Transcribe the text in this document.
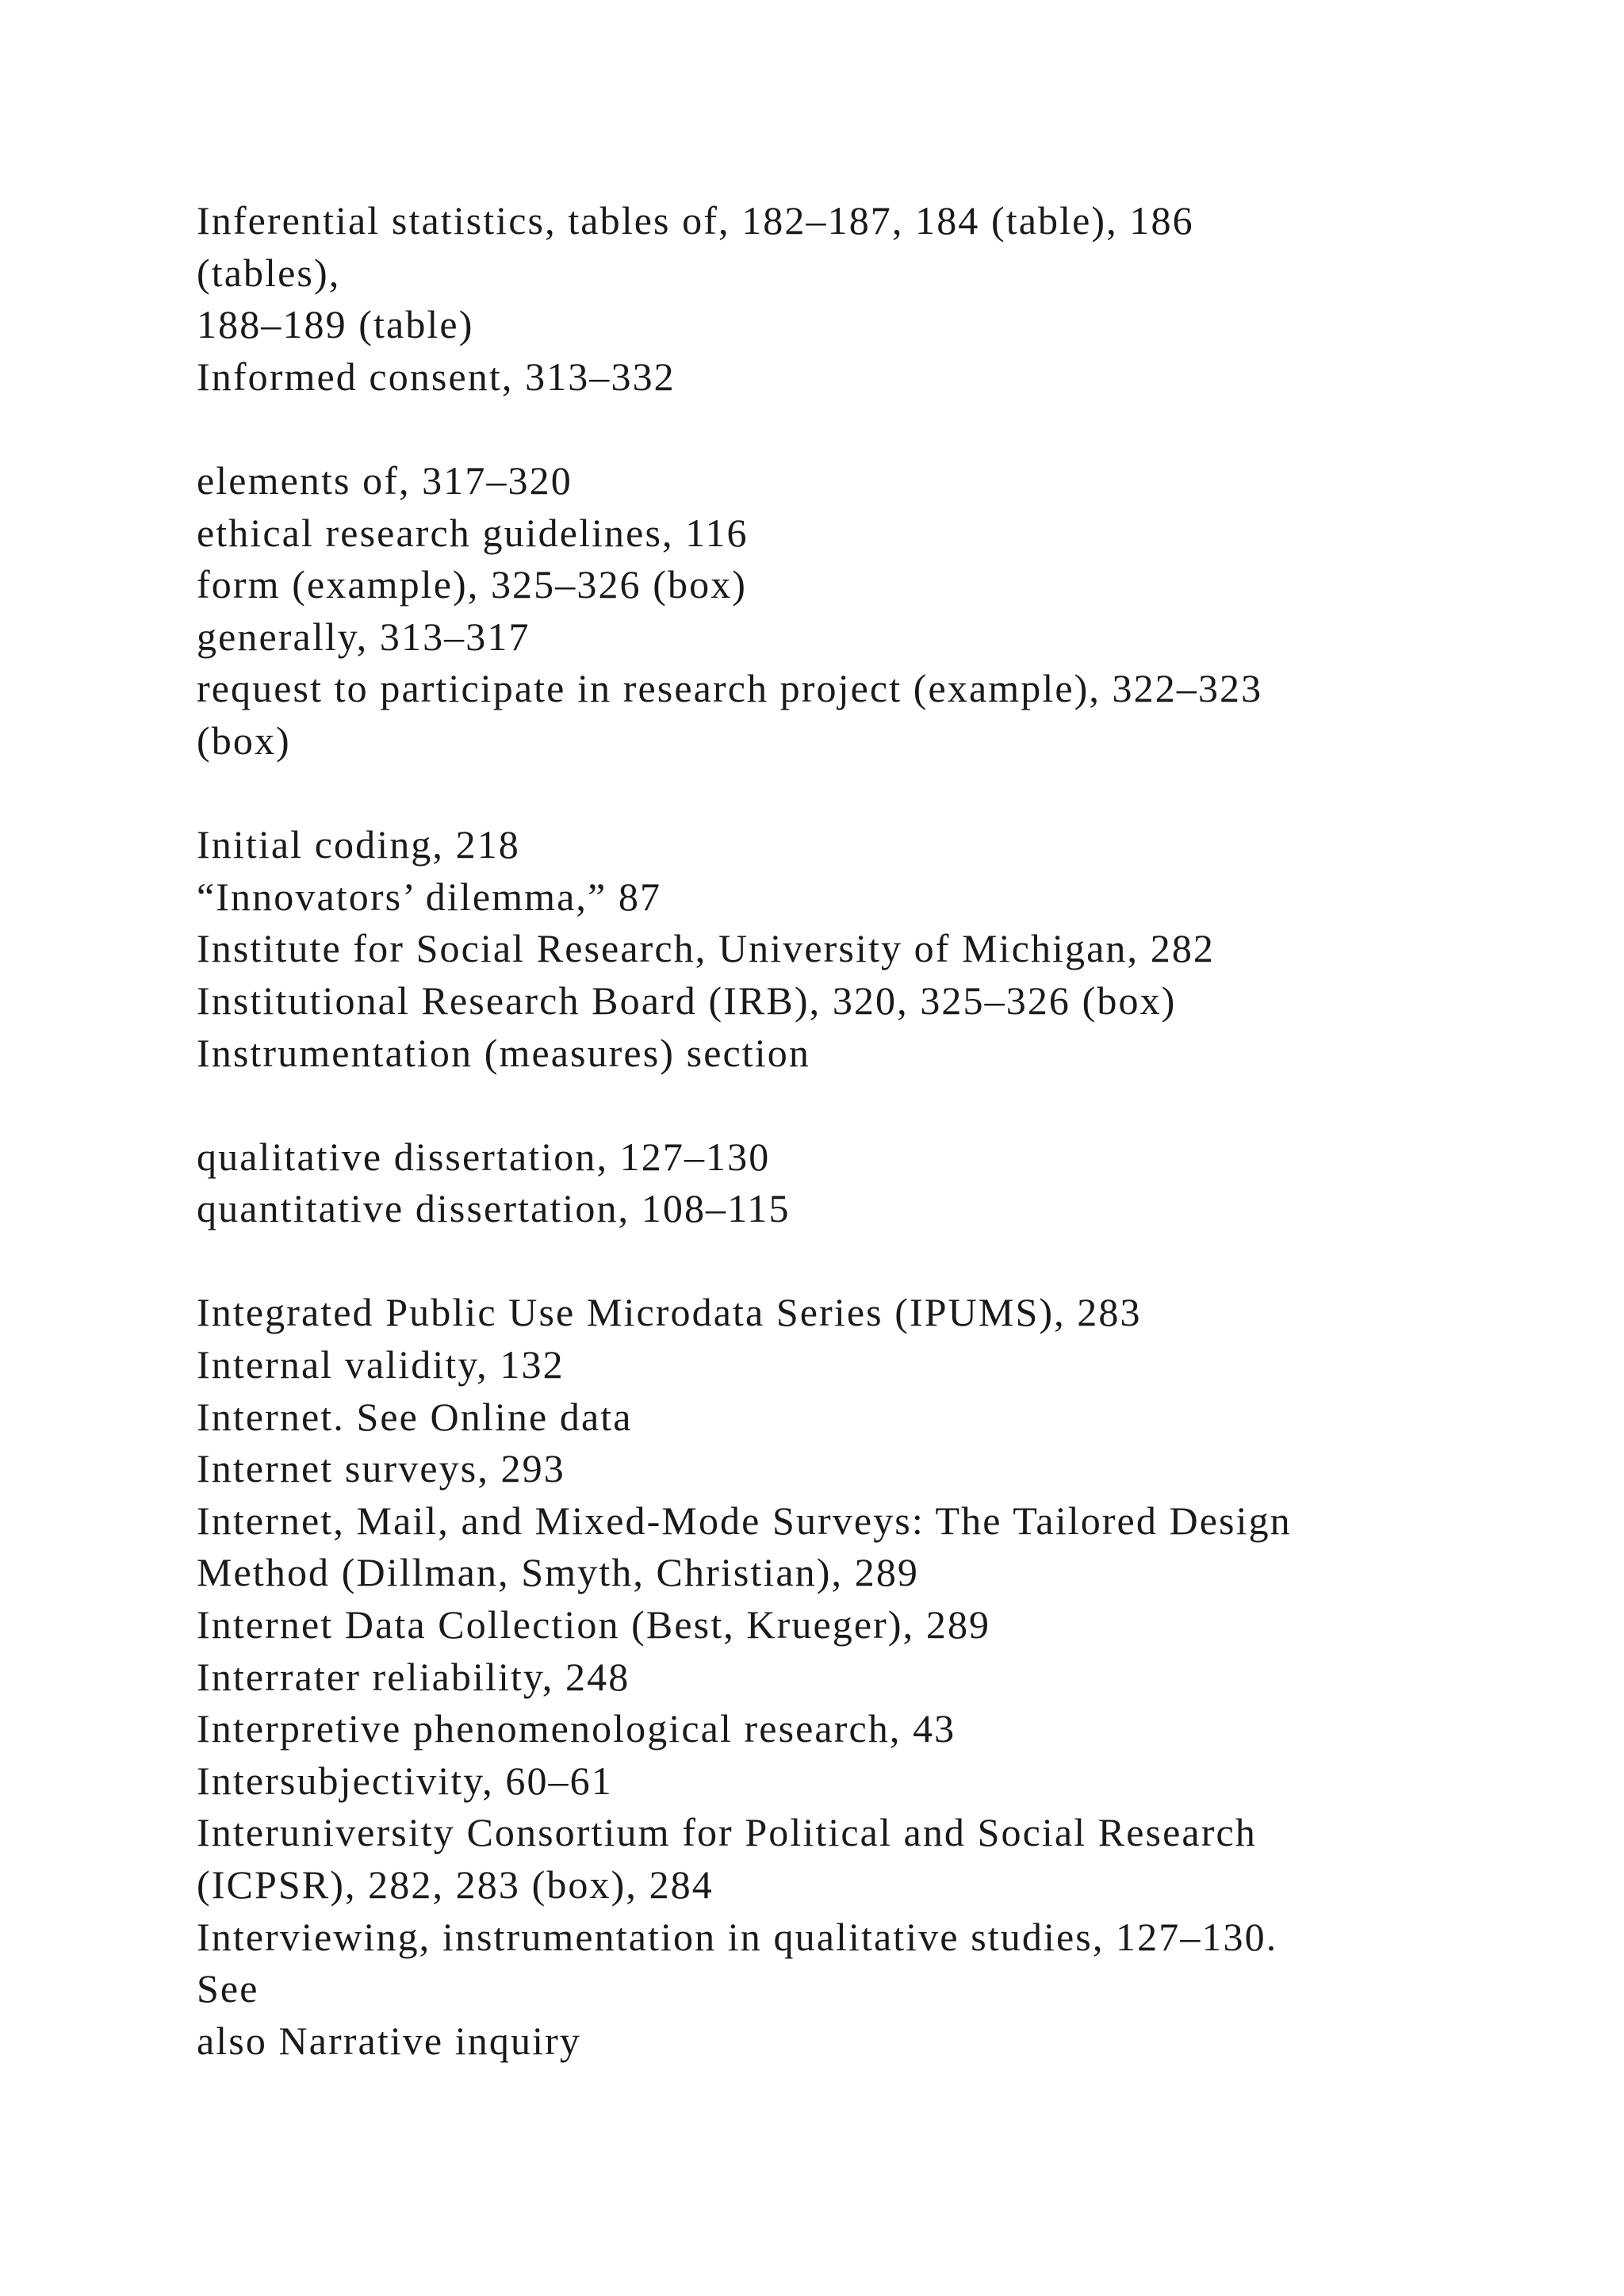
Inferential statistics, tables of, 182–187, 184 (table), 186
(tables),
188–189 (table)
Informed consent, 313–332
elements of, 317–320
ethical research guidelines, 116
form (example), 325–326 (box)
generally, 313–317
request to participate in research project (example), 322–323
(box)
Initial coding, 218
“Innovators’ dilemma,” 87
Institute for Social Research, University of Michigan, 282
Institutional Research Board (IRB), 320, 325–326 (box)
Instrumentation (measures) section
qualitative dissertation, 127–130
quantitative dissertation, 108–115
Integrated Public Use Microdata Series (IPUMS), 283
Internal validity, 132
Internet. See Online data
Internet surveys, 293
Internet, Mail, and Mixed-Mode Surveys: The Tailored Design
Method (Dillman, Smyth, Christian), 289
Internet Data Collection (Best, Krueger), 289
Interrater reliability, 248
Interpretive phenomenological research, 43
Intersubjectivity, 60–61
Interuniversity Consortium for Political and Social Research
(ICPSR), 282, 283 (box), 284
Interviewing, instrumentation in qualitative studies, 127–130.
See
also Narrative inquiry
